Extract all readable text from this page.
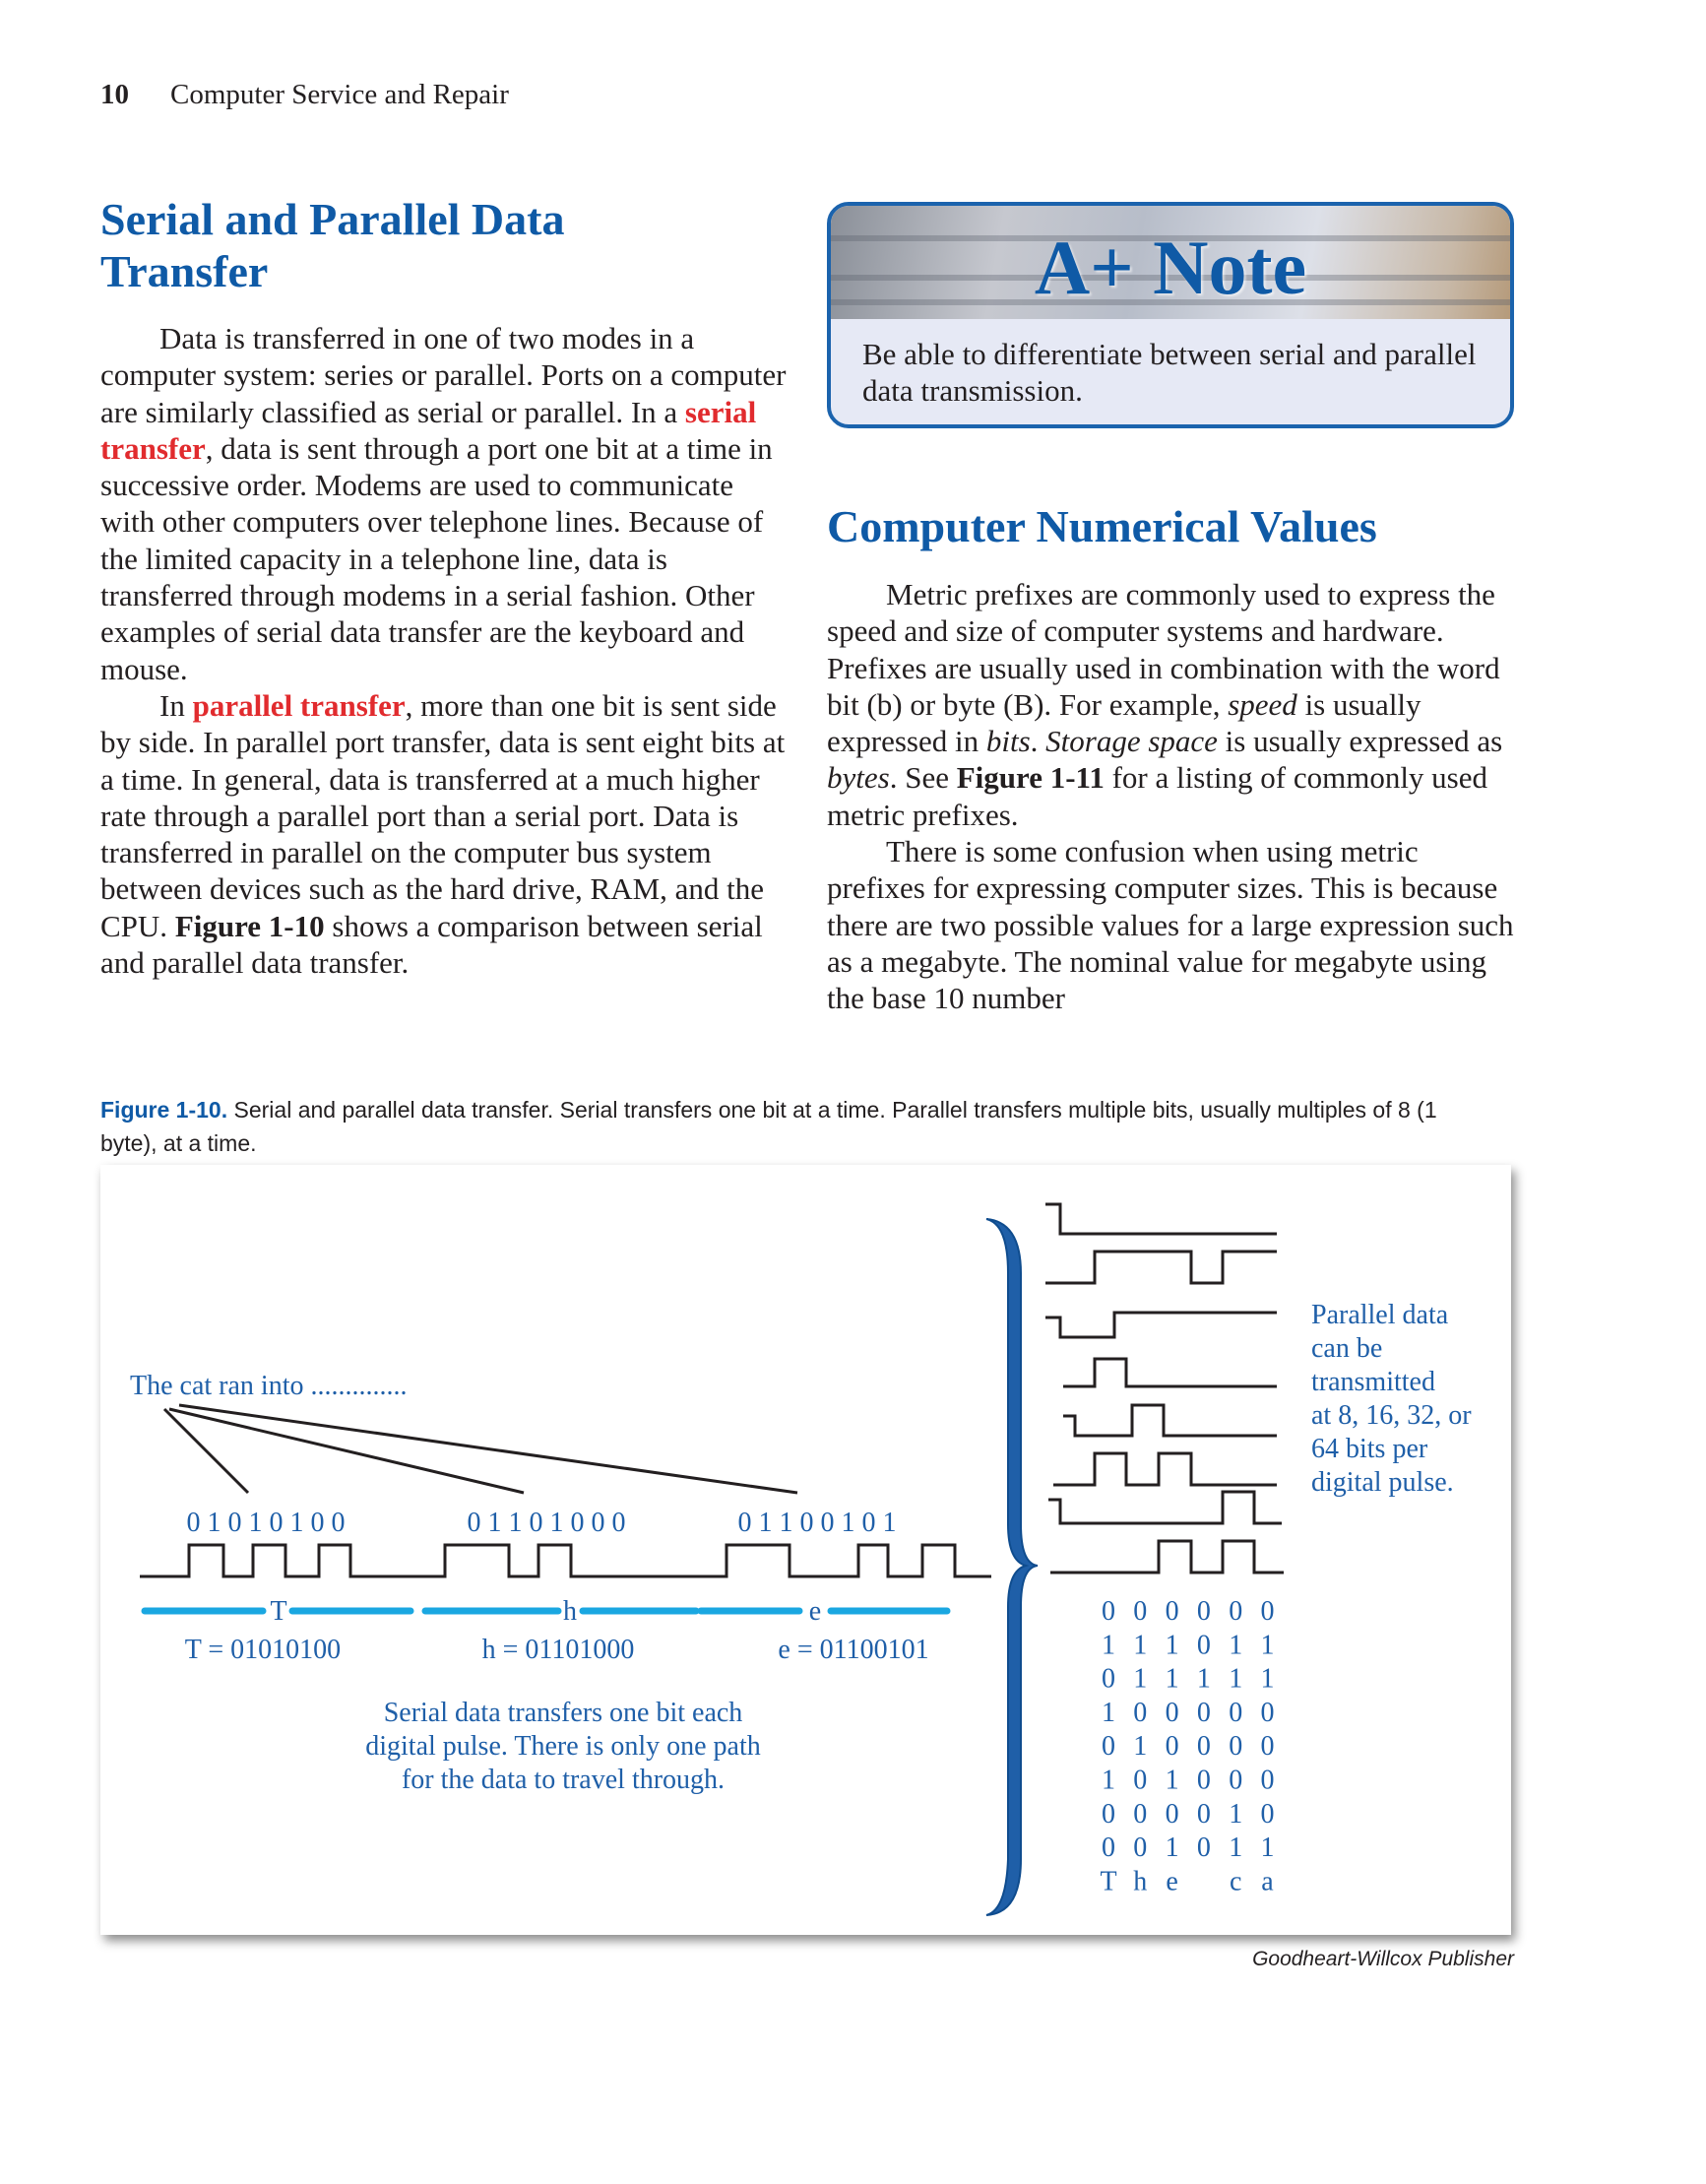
10 Computer Service and Repair
Serial and Parallel Data
Transfer

Data is transferred in one of two modes in a computer system: series or parallel. Ports on a computer are similarly classified as serial or parallel. In a serial transfer, data is sent through a port one bit at a time in successive order. Modems are used to communicate with other computers over telephone lines. Because of the limited capacity in a telephone line, data is transferred through modems in a serial fashion. Other examples of serial data transfer are the keyboard and mouse.

In parallel transfer, more than one bit is sent side by side. In parallel port transfer, data is sent eight bits at a time. In general, data is transferred at a much higher rate through a parallel port than a serial port. Data is transferred in parallel on the computer bus system between devices such as the hard drive, RAM, and the CPU. Figure 1-10 shows a comparison between serial and parallel data transfer.

A+ Note
Be able to differentiate between serial and parallel data transmission.
Computer Numerical Values

Metric prefixes are commonly used to express the speed and size of computer systems and hardware. Prefixes are usually used in combination with the word bit (b) or byte (B). For example, speed is usually expressed in bits. Storage space is usually expressed as bytes. See Figure 1-11 for a listing of commonly used metric prefixes.

There is some confusion when using metric prefixes for expressing computer sizes. This is because there are two possible values for a large expression such as a megabyte. The nominal value for megabyte using the base 10 number

Figure 1-10. Serial and parallel data transfer. Serial transfers one bit at a time. Parallel transfers multiple bits, usually multiples of 8 (1 byte), at a time.
The cat ran into ..............
0 1 0 1 0 1 0 0	0 1 1 0 1 0 0 0	0 1 1 0 0 1 0 1
T	h	e
T = 01010100	h = 01101000	e = 01100101
Serial data transfers one bit each
digital pulse. There is only one path
for the data to travel through.
0 0 0 0 0 0
1 1 1 0 1 1
0 1 1 1 1 1
1 0 0 0 0 0
0 1 0 0 0 0
1 0 1 0 0 0
0 0 0 0 1 0
0 0 1 0 1 1
T h e c a
Parallel data
can be
transmitted
at 8, 16, 32, or
64 bits per
digital pulse.
Goodheart-Willcox Publisher
